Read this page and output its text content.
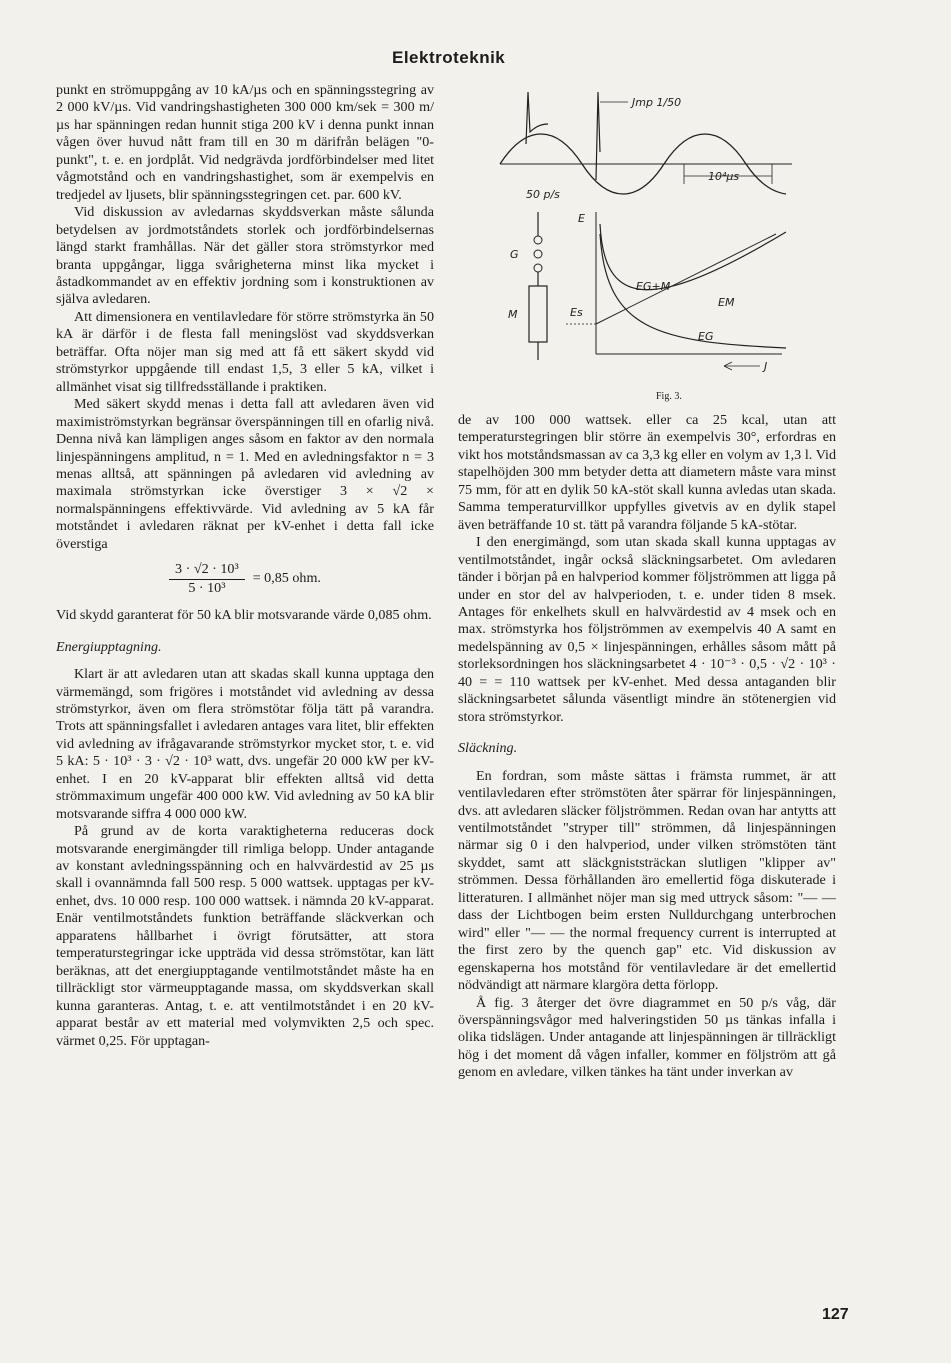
Elektroteknik

punkt en strömuppgång av 10 kA/µs och en spänningsstegring av 2 000 kV/µs. Vid vandringshastigheten 300 000 km/sek = 300 m/µs har spänningen redan hunnit stiga 200 kV i denna punkt innan vågen över huvud nått fram till en 30 m därifrån belägen "0-punkt", t. e. en jordplåt. Vid nedgrävda jordförbindelser med litet vågmotstånd och en vandringshastighet, som är exempelvis en tredjedel av ljusets, blir spänningsstegringen cet. par. 600 kV.

Vid diskussion av avledarnas skyddsverkan måste sålunda betydelsen av jordmotståndets storlek och jordförbindelsernas längd starkt framhållas. När det gäller stora strömstyrkor med branta uppgångar, ligga svårigheterna minst lika mycket i åstadkommandet av en effektiv jordning som i konstruktionen av själva avledaren.

Att dimensionera en ventilavledare för större strömstyrka än 50 kA är därför i de flesta fall meningslöst vad skyddsverkan beträffar. Ofta nöjer man sig med att få ett säkert skydd vid strömstyrkor uppgående till endast 1,5, 3 eller 5 kA, vilket i allmänhet visat sig tillfredsställande i praktiken.

Med säkert skydd menas i detta fall att avledaren även vid maximiströmstyrkan begränsar överspänningen till en ofarlig nivå. Denna nivå kan lämpligen anges såsom en faktor av den normala linjespänningens amplitud, n = 1. Med en avledningsfaktor n = 3 menas alltså, att spänningen på avledaren vid avledning av maximala strömstyrkan icke överstiger 3 × √2 × normalspänningens effektivvärde. Vid avledning av 5 kA får motståndet i avledaren räknat per kV-enhet i detta fall icke överstiga

$\frac{\text{3 · √2 · 10³}}{\text{5 · 10³}} = 0,85$ ohm.

Vid skydd garanterat för 50 kA blir motsvarande värde 0,085 ohm.

Energiupptagning.

Klart är att avledaren utan att skadas skall kunna upptaga den värmemängd, som frigöres i motståndet vid avledning av dessa strömstyrkor, även om flera strömstötar följa tätt på varandra. Trots att spänningsfallet i avledaren antages vara litet, blir effekten vid avledning av ifrågavarande strömstyrkor mycket stor, t. e. vid 5 kA: 5 · 10³ · 3 · √2 · 10³ watt, dvs. ungefär 20 000 kW per kV-enhet. I en 20 kV-apparat blir effekten alltså vid detta strömmaximum ungefär 400 000 kW. Vid avledning av 50 kA blir motsvarande siffra 4 000 000 kW.

På grund av de korta varaktigheterna reduceras dock motsvarande energimängder till rimliga belopp. Under antagande av konstant avledningsspänning och en halvvärdestid av 25 µs skall i ovannämnda fall 500 resp. 5 000 wattsek. upptagas per kV-enhet, dvs. 10 000 resp. 100 000 wattsek. i nämnda 20 kV-apparat. Enär ventilmotståndets funktion beträffande släckverkan och apparatens hållbarhet i övrigt förutsätter, att stora temperaturstegringar icke uppträda vid dessa strömstötar, kan lätt beräknas, att det energiupptagande ventilmotståndet måste ha en tillräckligt stor värmeupptagande massa, om skyddsverkan skall kunna garanteras. Antag, t. e. att ventilmotståndet i en 20 kV-apparat består av ett material med volymvikten 2,5 och spec. värmet 0,25. För upptagan-

Jmp 1/50
50 p/s
10⁴µs
G
M
E
Es
EG+M
EM
EG
J
Fig. 3.

de av 100 000 wattsek. eller ca 25 kcal, utan att temperaturstegringen blir större än exempelvis 30°, erfordras en vikt hos motståndsmassan av ca 3,3 kg eller en volym av 1,3 l. Vid stapelhöjden 300 mm betyder detta att diametern måste vara minst 75 mm, för att en dylik 50 kA-stöt skall kunna avledas utan skada. Samma temperaturvillkor uppfylles givetvis av en dylik stapel även beträffande 10 st. tätt på varandra följande 5 kA-stötar.

I den energimängd, som utan skada skall kunna upptagas av ventilmotståndet, ingår också släckningsarbetet. Om avledaren tänder i början på en halvperiod kommer följströmmen att ligga på under en stor del av halvperioden, t. e. under tiden 8 msek. Antages för enkelhets skull en halvvärdestid av 4 msek och en max. strömstyrka hos följströmmen av exempelvis 40 A samt en medelspänning av 0,5 × linjespänningen, erhålles såsom mått på storleksordningen hos släckningsarbetet 4 · 10⁻³ · 0,5 · √2 · 10³ · 40 = = 110 wattsek per kV-enhet. Med dessa antaganden blir släckningsarbetet sålunda väsentligt mindre än stötenergien vid stora strömstyrkor.

Släckning.

En fordran, som måste sättas i främsta rummet, är att ventilavledaren efter strömstöten åter spärrar för linjespänningen, dvs. att avledaren släcker följströmmen. Redan ovan har antytts att ventilmotståndet "stryper till" strömmen, då linjespänningen närmar sig 0 i den halvperiod, under vilken strömstöten tänt skyddet, samt att släckgniststräckan slutligen "klipper av" strömmen. Dessa förhållanden äro emellertid föga diskuterade i litteraturen. I allmänhet nöjer man sig med uttryck såsom: "— — dass der Lichtbogen beim ersten Nulldurchgang unterbrochen wird" eller "— — the normal frequency current is interrupted at the first zero by the quench gap" etc. Vid diskussion av egenskaperna hos motstånd för ventilavledare är det emellertid nödvändigt att närmare klargöra detta förlopp.

Å fig. 3 återger det övre diagrammet en 50 p/s våg, där överspänningsvågor med halveringstiden 50 µs tänkas infalla i olika tidslägen. Under antagande att linjespänningen är tillräckligt hög i det moment då vågen infaller, kommer en följström att gå genom en avledare, vilken tänkes ha tänt under inverkan av

127
